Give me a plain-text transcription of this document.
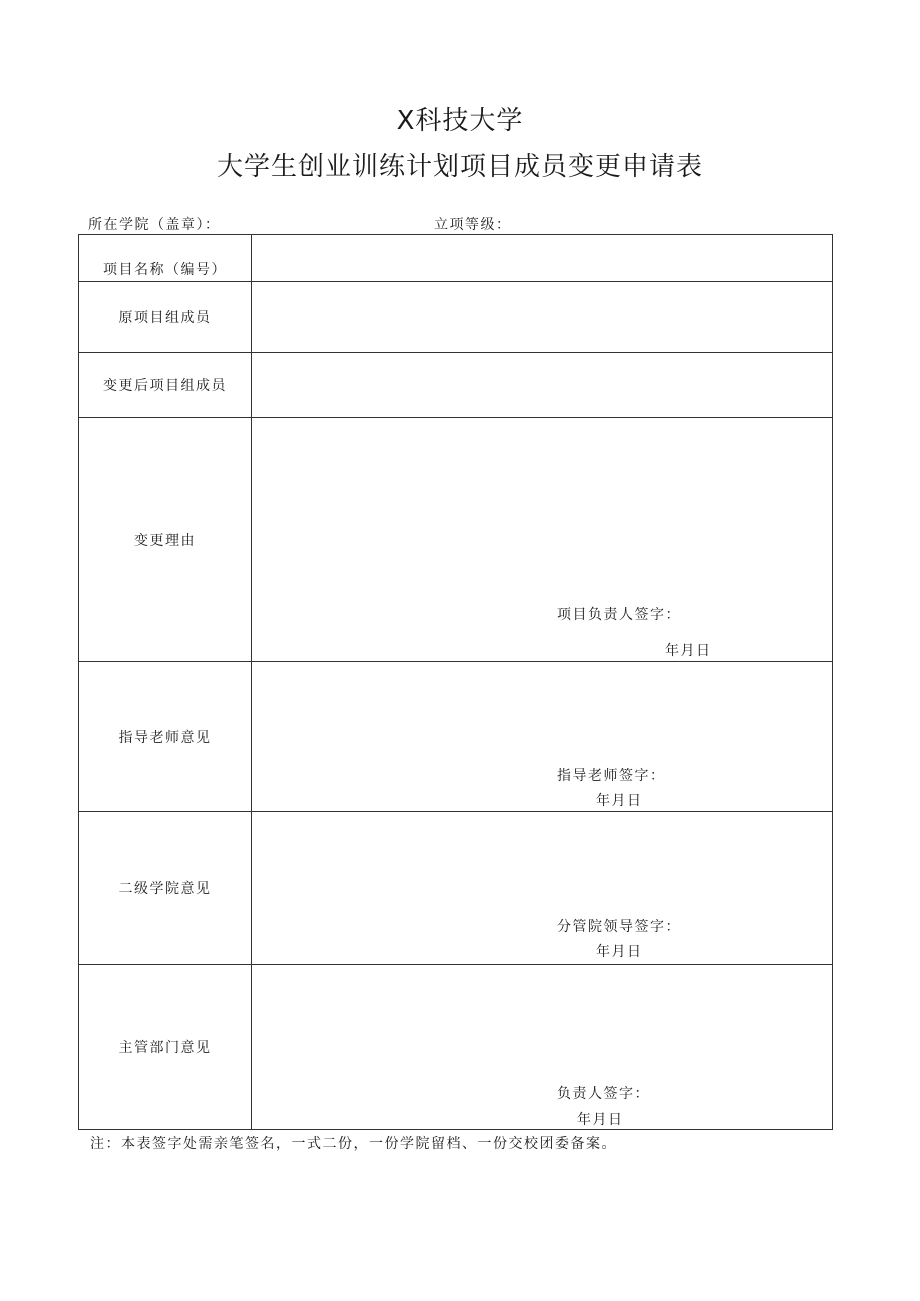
X科技大学
大学生创业训练计划项目成员变更申请表
所在学院（盖章）：	立项等级：
项目名称（编号）	
原项目组成员	
变更后项目组成员	
变更理由	项目负责人签字：
年月日

指导老师意见	指导老师签字：
年月日

二级学院意见	分管院领导签字：
年月日

主管部门意见	负责人签字：
年月日
注：本表签字处需亲笔签名，一式二份，一份学院留档、一份交校团委备案。
